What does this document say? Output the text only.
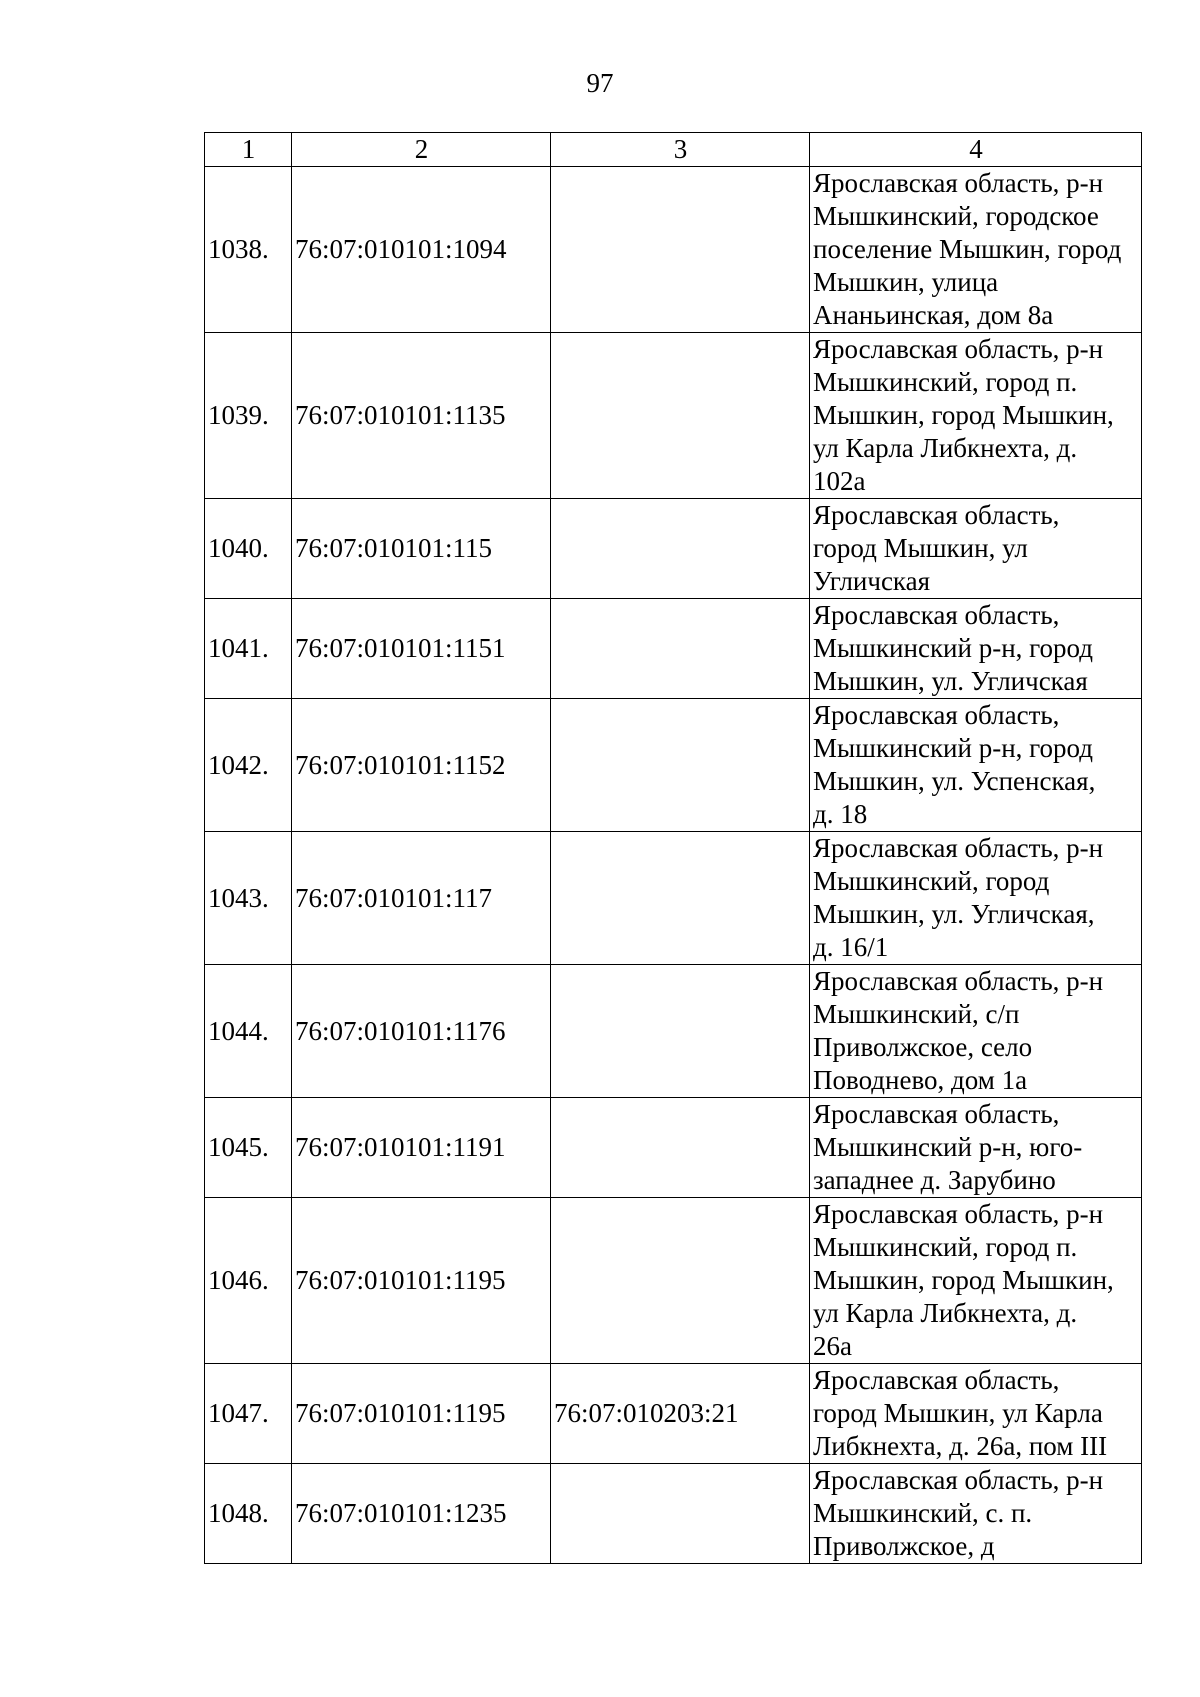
97
1	2	3	4
1038.	76:07:010101:1094		Ярославская область, р-н
Мышкинский, городское
поселение Мышкин, город
Мышкин, улица
Ананьинская, дом 8а
1039.	76:07:010101:1135		Ярославская область, р-н
Мышкинский, город п.
Мышкин, город Мышкин,
ул Карла Либкнехта, д.
102а
1040.	76:07:010101:115		Ярославская область,
город Мышкин, ул
Угличская
1041.	76:07:010101:1151		Ярославская область,
Мышкинский р-н, город
Мышкин, ул. Угличская
1042.	76:07:010101:1152		Ярославская область,
Мышкинский р-н, город
Мышкин, ул. Успенская,
д. 18
1043.	76:07:010101:117		Ярославская область, р-н
Мышкинский, город
Мышкин, ул. Угличская,
д. 16/1
1044.	76:07:010101:1176		Ярославская область, р-н
Мышкинский, с/п
Приволжское, село
Поводнево, дом 1а
1045.	76:07:010101:1191		Ярославская область,
Мышкинский р-н, юго-
западнее д. Зарубино
1046.	76:07:010101:1195		Ярославская область, р-н
Мышкинский, город п.
Мышкин, город Мышкин,
ул Карла Либкнехта, д.
26а
1047.	76:07:010101:1195	76:07:010203:21	Ярославская область,
город Мышкин, ул Карла
Либкнехта, д. 26а, пом III
1048.	76:07:010101:1235		Ярославская область, р-н
Мышкинский, с. п.
Приволжское, д
